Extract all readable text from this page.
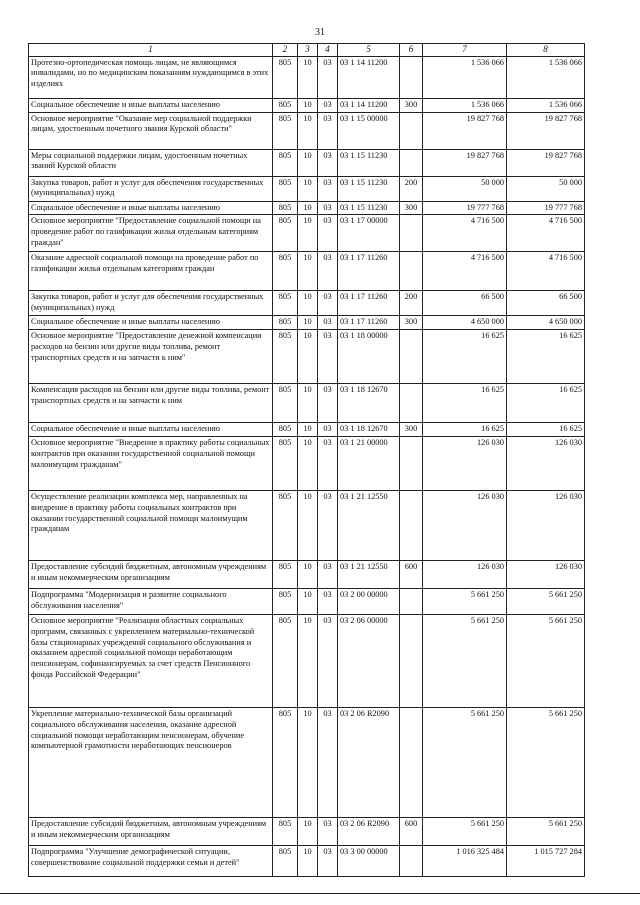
31
1	2	3	4	5	6	7	8
Протезно-ортопедическая помощь лицам, не являющимся инвалидами, но по медицинским показаниям нуждающимся в этих изделиях	805	10	03	03 1 14 11200		1 536 066	1 536 066
Социальное обеспечение и иные выплаты населению	805	10	03	03 1 14 11200	300	1 536 066	1 536 066
Основное мероприятие "Оказание мер социальной поддержки лицам, удостоенным почетного звания Курской области"	805	10	03	03 1 15 00000		19 827 768	19 827 768
Меры социальной поддержки лицам, удостоенным почетных званий Курской области	805	10	03	03 1 15 11230		19 827 768	19 827 768
Закупка товаров, работ и услуг для обеспечения государственных (муниципальных) нужд	805	10	03	03 1 15 11230	200	50 000	50 000
Социальное обеспечение и иные выплаты населению	805	10	03	03 1 15 11230	300	19 777 768	19 777 768
Основное мероприятие "Предоставление социальной помощи на проведение работ по газификации жилья отдельным категориям граждан"	805	10	03	03 1 17 00000		4 716 500	4 716 500
Оказание адресной социальной помощи на проведение работ по газификации жилья отдельным категориям граждан	805	10	03	03 1 17 11260		4 716 500	4 716 500
Закупка товаров, работ и услуг для обеспечения государственных (муниципальных) нужд	805	10	03	03 1 17 11260	200	66 500	66 500
Социальное обеспечение и иные выплаты населению	805	10	03	03 1 17 11260	300	4 650 000	4 650 000
Основное мероприятие "Предоставление денежной компенсации расходов на бензин или другие виды топлива, ремонт транспортных средств и на запчасти к ним"	805	10	03	03 1 18 00000		16 625	16 625
Компенсация расходов на бензин или другие виды топлива, ремонт транспортных средств и на запчасти к ним	805	10	03	03 1 18 12670		16 625	16 625
Социальное обеспечение и иные выплаты населению	805	10	03	03 1 18 12670	300	16 625	16 625
Основное мероприятие "Внедрение в практику работы социальных контрактов при оказании государственной социальной помощи малоимущим гражданам"	805	10	03	03 1 21 00000		126 030	126 030
Осуществление реализации комплекса мер, направленных на внедрение в практику работы социальных контрактов при оказании государственной социальной помощи малоимущим гражданам	805	10	03	03 1 21 12550		126 030	126 030
Предоставление субсидий бюджетным, автономным учреждениям и иным некоммерческим организациям	805	10	03	03 1 21 12550	600	126 030	126 030
Подпрограмма "Модернизация и развитие социального обслуживания населения"	805	10	03	03 2 00 00000		5 661 250	5 661 250
Основное мероприятие "Реализация областных социальных программ, связанных с укреплением материально-технической базы стационарных учреждений социального обслуживания и оказанием адресной социальной помощи неработающим пенсионерам, софинансируемых за счет средств Пенсионного фонда Российской Федерации"	805	10	03	03 2 06 00000		5 661 250	5 661 250
Укрепление материально-технической базы организаций социального обслуживания населения, оказание адресной социальной помощи неработающим пенсионерам, обучение компьютерной грамотности неработающих пенсионеров	805	10	03	03 2 06 R2090		5 661 250	5 661 250
Предоставление субсидий бюджетным, автономным учреждениям и иным некоммерческим организациям	805	10	03	03 2 06 R2090	600	5 661 250	5 661 250
Подпрограмма "Улучшение демографической ситуации, совершенствование социальной поддержки семьи и детей"	805	10	03	03 3 00 00000		1 016 325 484	1 015 727 284
